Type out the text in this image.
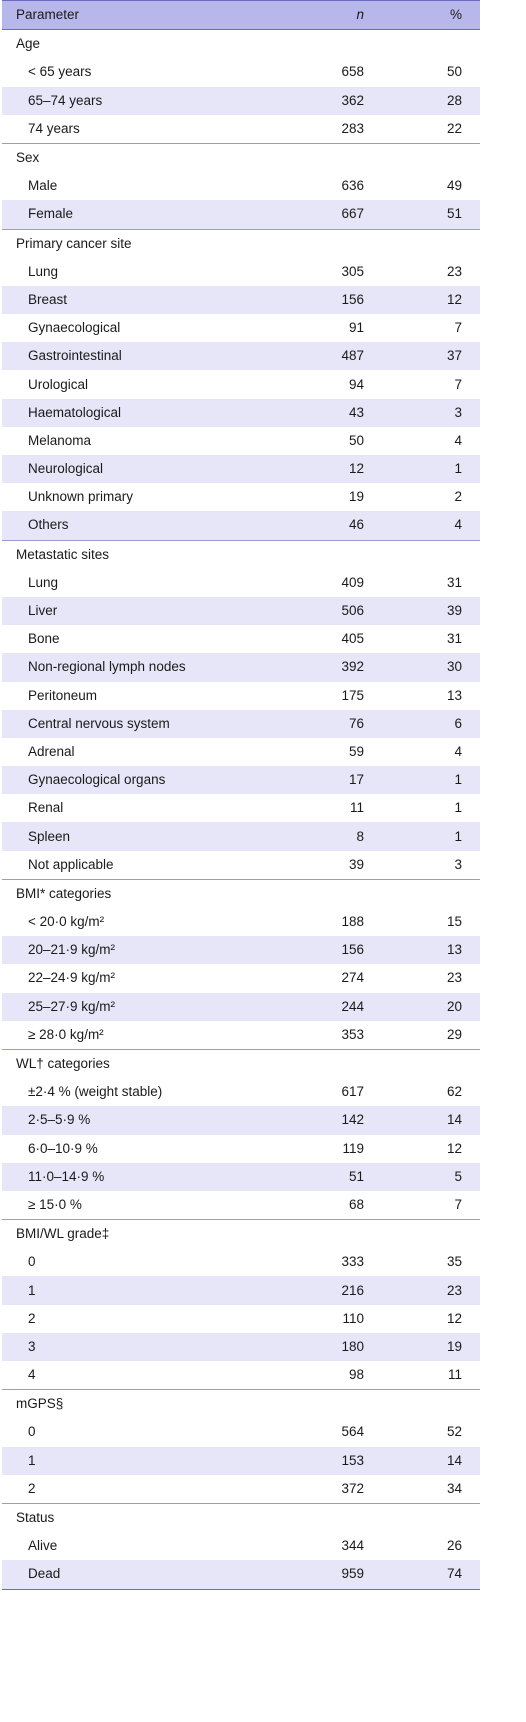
Parameter	n	%
Age		
< 65 years	658	50
65–74 years	362	28
74 years	283	22
Sex		
Male	636	49
Female	667	51
Primary cancer site		
Lung	305	23
Breast	156	12
Gynaecological	91	7
Gastrointestinal	487	37
Urological	94	7
Haematological	43	3
Melanoma	50	4
Neurological	12	1
Unknown primary	19	2
Others	46	4
Metastatic sites		
Lung	409	31
Liver	506	39
Bone	405	31
Non-regional lymph nodes	392	30
Peritoneum	175	13
Central nervous system	76	6
Adrenal	59	4
Gynaecological organs	17	1
Renal	11	1
Spleen	8	1
Not applicable	39	3
BMI* categories		
< 20·0 kg/m²	188	15
20–21·9 kg/m²	156	13
22–24·9 kg/m²	274	23
25–27·9 kg/m²	244	20
≥ 28·0 kg/m²	353	29
WL† categories		
±2·4 % (weight stable)	617	62
2·5–5·9 %	142	14
6·0–10·9 %	119	12
11·0–14·9 %	51	5
≥ 15·0 %	68	7
BMI/WL grade‡		
0	333	35
1	216	23
2	110	12
3	180	19
4	98	11
mGPS§		
0	564	52
1	153	14
2	372	34
Status		
Alive	344	26
Dead	959	74
